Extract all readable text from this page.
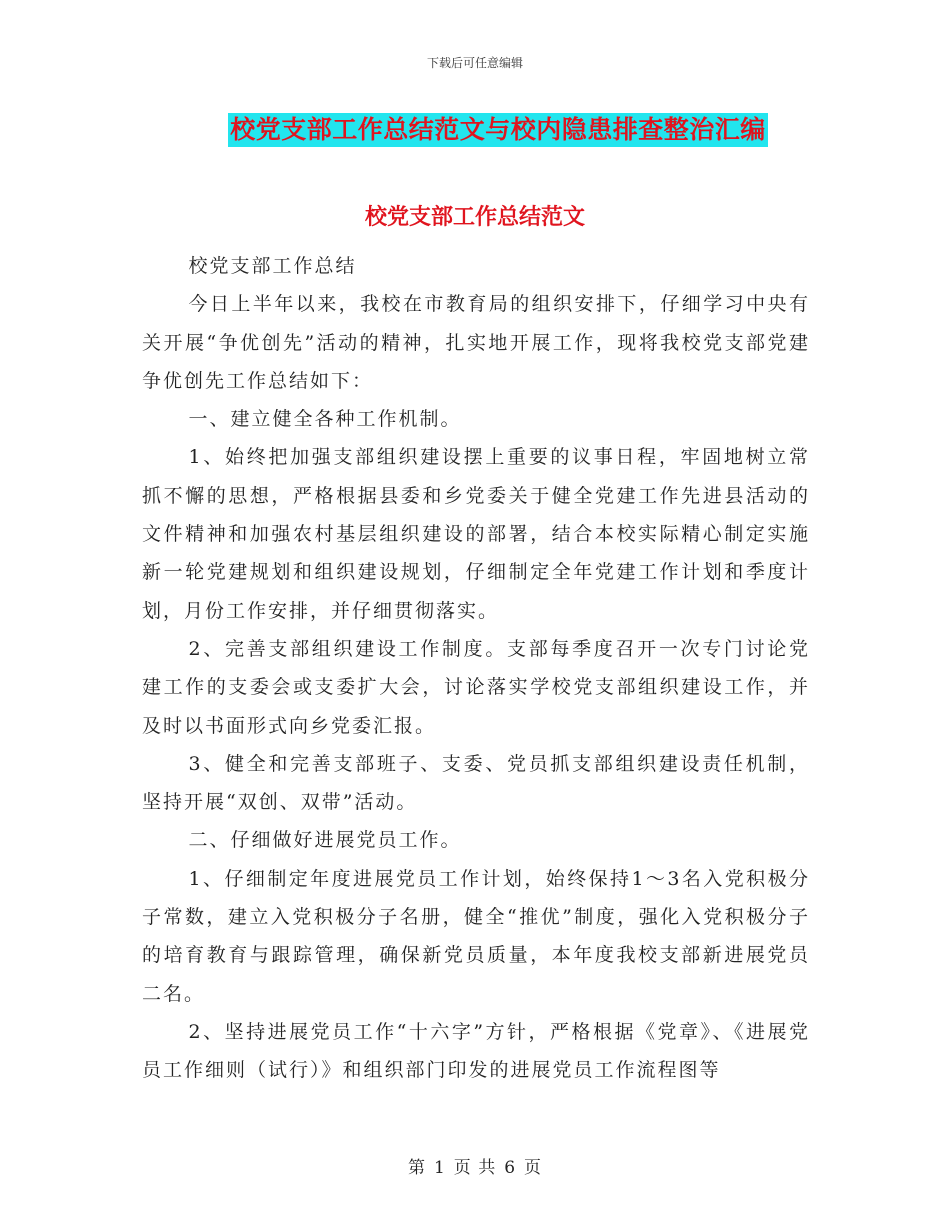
下载后可任意编辑
校党支部工作总结范文与校内隐患排查整治汇编
校党支部工作总结范文

校党支部工作总结

今日上半年以来，我校在市教育局的组织安排下，仔细学习中央有关开展“争优创先”活动的精神，扎实地开展工作，现将我校党支部党建争优创先工作总结如下：

一、建立健全各种工作机制。

1、始终把加强支部组织建设摆上重要的议事日程，牢固地树立常抓不懈的思想，严格根据县委和乡党委关于健全党建工作先进县活动的文件精神和加强农村基层组织建设的部署，结合本校实际精心制定实施新一轮党建规划和组织建设规划，仔细制定全年党建工作计划和季度计划，月份工作安排，并仔细贯彻落实。

2、完善支部组织建设工作制度。支部每季度召开一次专门讨论党建工作的支委会或支委扩大会，讨论落实学校党支部组织建设工作，并及时以书面形式向乡党委汇报。

3、健全和完善支部班子、支委、党员抓支部组织建设责任机制，坚持开展“双创、双带”活动。

二、仔细做好进展党员工作。

1、仔细制定年度进展党员工作计划，始终保持1～3名入党积极分子常数，建立入党积极分子名册，健全“推优”制度，强化入党积极分子的培育教育与跟踪管理，确保新党员质量，本年度我校支部新进展党员二名。

2、坚持进展党员工作“十六字”方针，严格根据《党章》、《进展党员工作细则（试行）》和组织部门印发的进展党员工作流程图等

第 1 页 共 6 页
